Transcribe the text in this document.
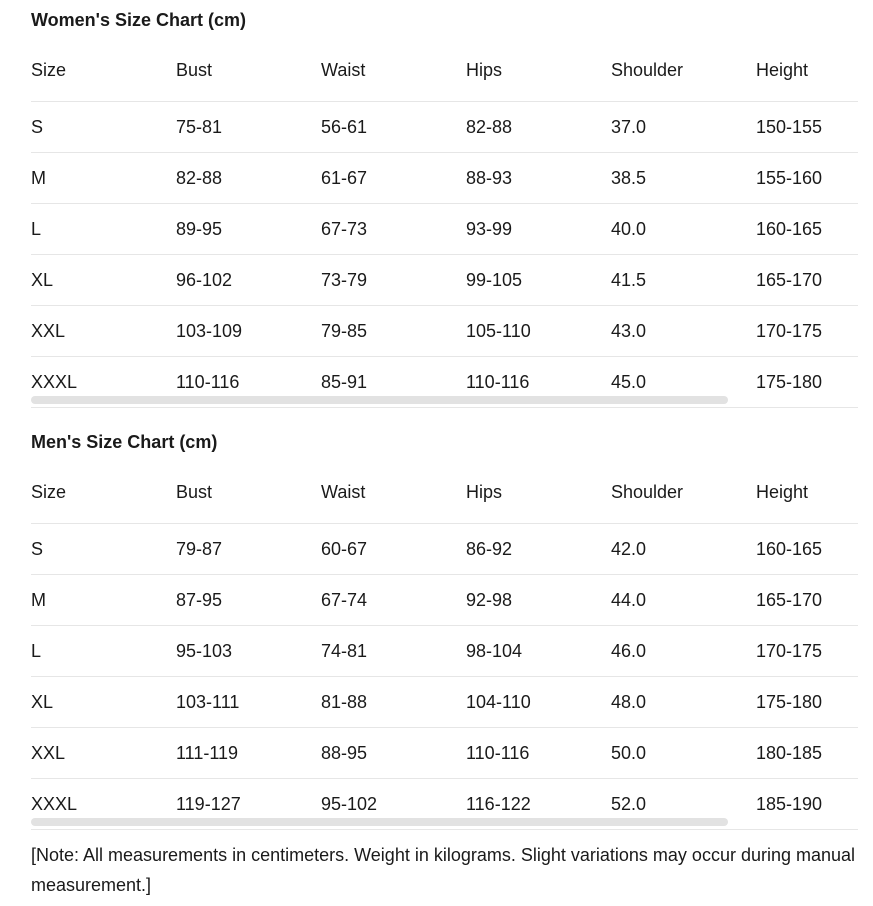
Women's Size Chart (cm)
Size	Bust	Waist	Hips	Shoulder	Height
S	75-81	56-61	82-88	37.0	150-155
M	82-88	61-67	88-93	38.5	155-160
L	89-95	67-73	93-99	40.0	160-165
XL	96-102	73-79	99-105	41.5	165-170
XXL	103-109	79-85	105-110	43.0	170-175
XXXL	110-116	85-91	110-116	45.0	175-180
Men's Size Chart (cm)
Size	Bust	Waist	Hips	Shoulder	Height
S	79-87	60-67	86-92	42.0	160-165
M	87-95	67-74	92-98	44.0	165-170
L	95-103	74-81	98-104	46.0	170-175
XL	103-111	81-88	104-110	48.0	175-180
XXL	111-119	88-95	110-116	50.0	180-185
XXXL	119-127	95-102	116-122	52.0	185-190

[Note: All measurements in centimeters. Weight in kilograms. Slight variations may occur during manual measurement.]
